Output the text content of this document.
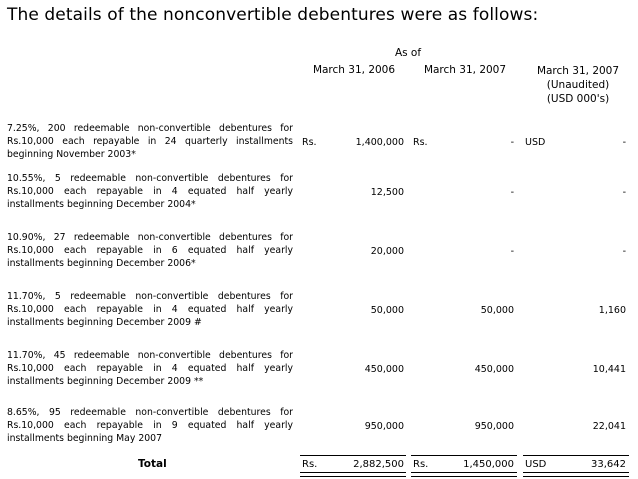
The details of the nonconvertible debentures were as follows:
As of
March 31, 2006	March 31, 2007	March 31, 2007
(Unaudited)
(USD 000's)
7.25%, 200 redeemable non-convertible debentures for Rs.10,000 each repayable in 24 quarterly installments beginning November 2003*
Rs.	1,400,000 Rs.	- USD	-
10.55%, 5 redeemable non-convertible debentures for Rs.10,000 each repayable in 4 equated half yearly installments beginning December 2004*
12,500	-	-
10.90%, 27 redeemable non-convertible debentures for Rs.10,000 each repayable in 6 equated half yearly installments beginning December 2006*
20,000	-	-
11.70%, 5 redeemable non-convertible debentures for Rs.10,000 each repayable in 4 equated half yearly installments beginning December 2009 #
50,000	50,000	1,160
11.70%, 45 redeemable non-convertible debentures for Rs.10,000 each repayable in 4 equated half yearly installments beginning December 2009 **
450,000	450,000	10,441
8.65%, 95 redeemable non-convertible debentures for Rs.10,000 each repayable in 9 equated half yearly installments beginning May 2007
950,000	950,000	22,041
Total	Rs.	2,882,500 Rs.	1,450,000 USD	33,642
